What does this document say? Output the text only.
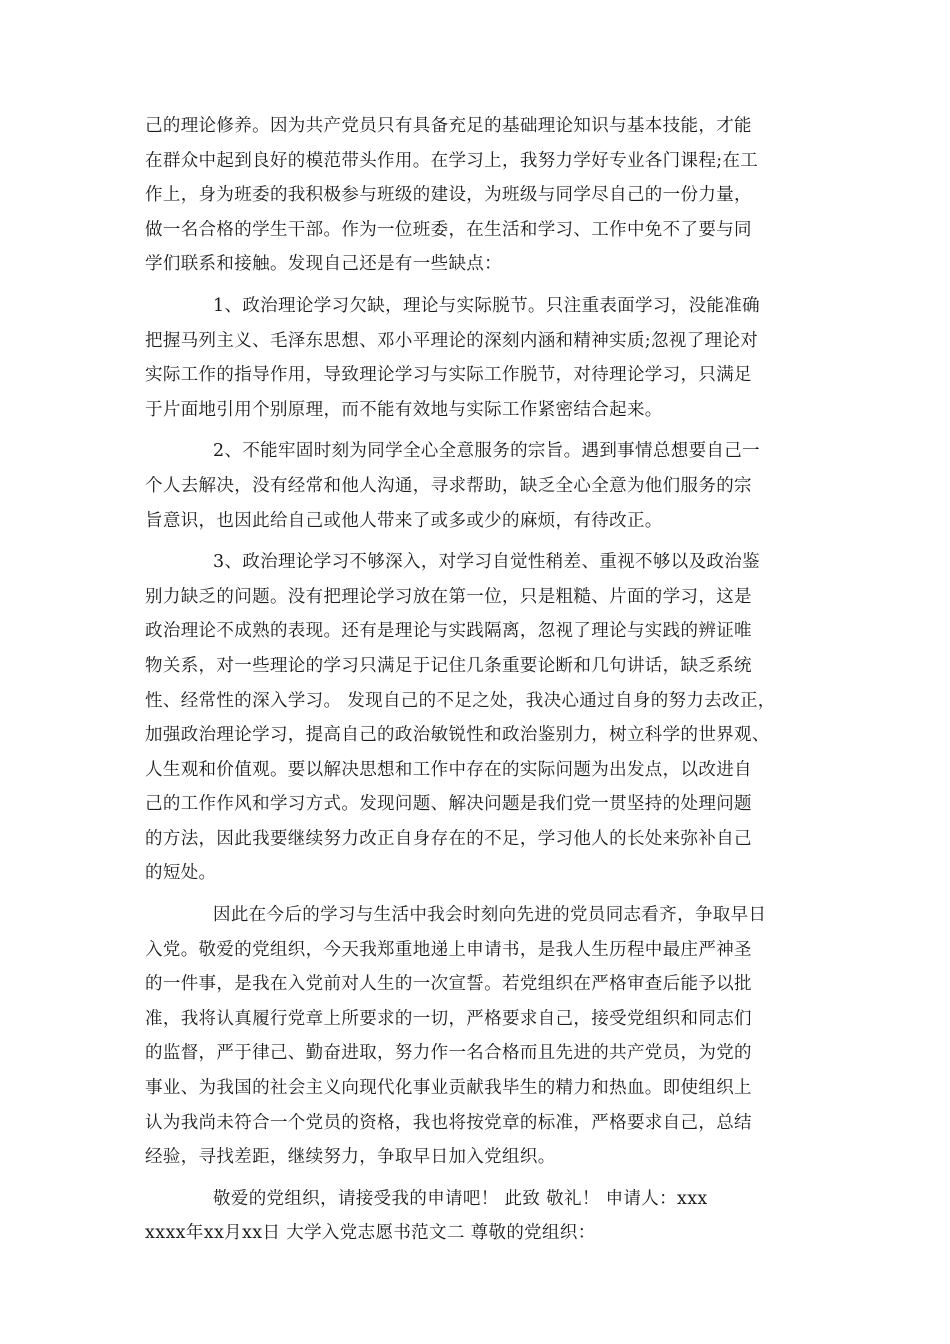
己的理论修养。因为共产党员只有具备充足的基础理论知识与基本技能，才能
在群众中起到良好的模范带头作用。在学习上，我努力学好专业各门课程;在工
作上，身为班委的我积极参与班级的建设，为班级与同学尽自己的一份力量，
做一名合格的学生干部。作为一位班委，在生活和学习、工作中免不了要与同
学们联系和接触。发现自己还是有一些缺点：
1、政治理论学习欠缺，理论与实际脱节。只注重表面学习，没能准确
把握马列主义、毛泽东思想、邓小平理论的深刻内涵和精神实质;忽视了理论对
实际工作的指导作用，导致理论学习与实际工作脱节，对待理论学习，只满足
于片面地引用个别原理，而不能有效地与实际工作紧密结合起来。
2、不能牢固时刻为同学全心全意服务的宗旨。遇到事情总想要自己一
个人去解决，没有经常和他人沟通，寻求帮助，缺乏全心全意为他们服务的宗
旨意识，也因此给自己或他人带来了或多或少的麻烦，有待改正。
3、政治理论学习不够深入，对学习自觉性稍差、重视不够以及政治鉴
别力缺乏的问题。没有把理论学习放在第一位，只是粗糙、片面的学习，这是
政治理论不成熟的表现。还有是理论与实践隔离，忽视了理论与实践的辨证唯
物关系，对一些理论的学习只满足于记住几条重要论断和几句讲话，缺乏系统
性、经常性的深入学习。 发现自己的不足之处，我决心通过自身的努力去改正，
加强政治理论学习，提高自己的政治敏锐性和政治鉴别力，树立科学的世界观、
人生观和价值观。要以解决思想和工作中存在的实际问题为出发点，以改进自
己的工作作风和学习方式。发现问题、解决问题是我们党一贯坚持的处理问题
的方法，因此我要继续努力改正自身存在的不足，学习他人的长处来弥补自己
的短处。
因此在今后的学习与生活中我会时刻向先进的党员同志看齐，争取早日
入党。敬爱的党组织，今天我郑重地递上申请书，是我人生历程中最庄严神圣
的一件事，是我在入党前对人生的一次宣誓。若党组织在严格审查后能予以批
准，我将认真履行党章上所要求的一切，严格要求自己，接受党组织和同志们
的监督，严于律己、勤奋进取，努力作一名合格而且先进的共产党员，为党的
事业、为我国的社会主义向现代化事业贡献我毕生的精力和热血。即使组织上
认为我尚未符合一个党员的资格，我也将按党章的标准，严格要求自己，总结
经验，寻找差距，继续努力，争取早日加入党组织。
敬爱的党组织，请接受我的申请吧！ 此致 敬礼！ 申请人：xxx
xxxx年xx月xx日 大学入党志愿书范文二 尊敬的党组织：
